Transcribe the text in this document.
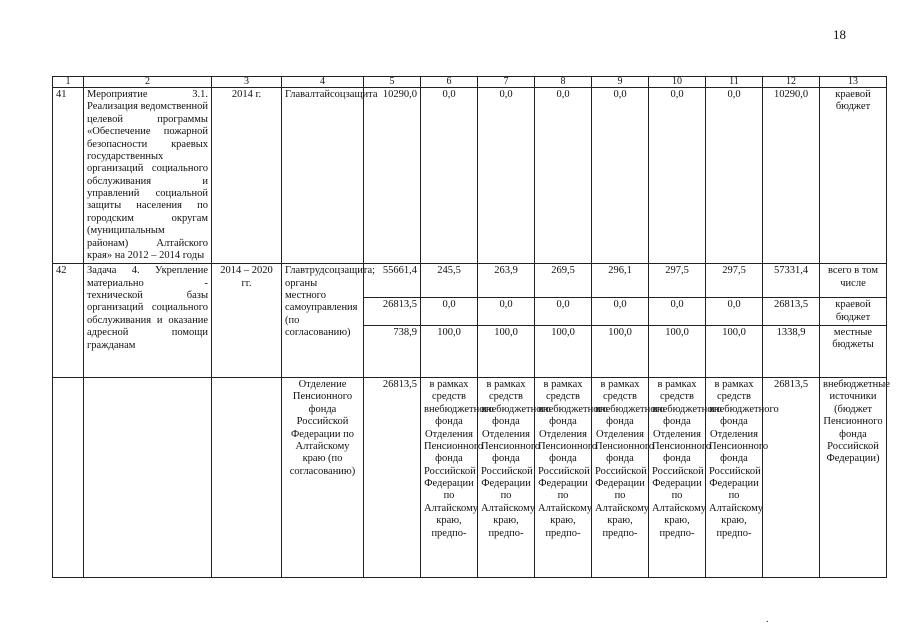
18
1	2	3	4	5	6	7	8	9	10	11	12	13
41	Мероприятие 3.1. Реализация ведомственной целевой программы «Обеспечение пожарной безопасности краевых государственных организаций социального обслуживания и управлений социальной защиты населения по городским округам (муниципальным районам) Алтайского края» на 2012 – 2014 годы	2014 г.	Главалтайсоцзащита	10290,0	0,0	0,0	0,0	0,0	0,0	0,0	10290,0	краевой бюджет
42	Задача 4. Укрепление материально - технической базы организаций социального обслуживания и оказание адресной помощи гражданам	2014 – 2020 гг.	Главтрудсоцзащита; органы местного самоуправления (по согласованию)	55661,4	245,5	263,9	269,5	296,1	297,5	297,5	57331,4	всего в том числе
				26813,5	0,0	0,0	0,0	0,0	0,0	0,0	26813,5	краевой бюджет
				738,9	100,0	100,0	100,0	100,0	100,0	100,0	1338,9	местные бюджеты
			Отделение Пенсионного фонда Российской Федерации по Алтайскому краю (по согласованию)	26813,5	в рамках средств внебюджетного фонда Отделения Пенсионного фонда Российской Федерации по Алтайскому краю, предпо-	в рамках средств внебюджетного фонда Отделения Пенсионного фонда Российской Федерации по Алтайскому краю, предпо-	в рамках средств внебюджетного фонда Отделения Пенсионного фонда Российской Федерации по Алтайскому краю, предпо-	в рамках средств внебюджетного фонда Отделения Пенсионного фонда Российской Федерации по Алтайскому краю, предпо-	в рамках средств внебюджетного фонда Отделения Пенсионного фонда Российской Федерации по Алтайскому краю, предпо-	в рамках средств внебюджетного фонда Отделения Пенсионного фонда Российской Федерации по Алтайскому краю, предпо-	26813,5	внебюджетные источники (бюджет Пенсионного фонда Российской Федерации)
.
